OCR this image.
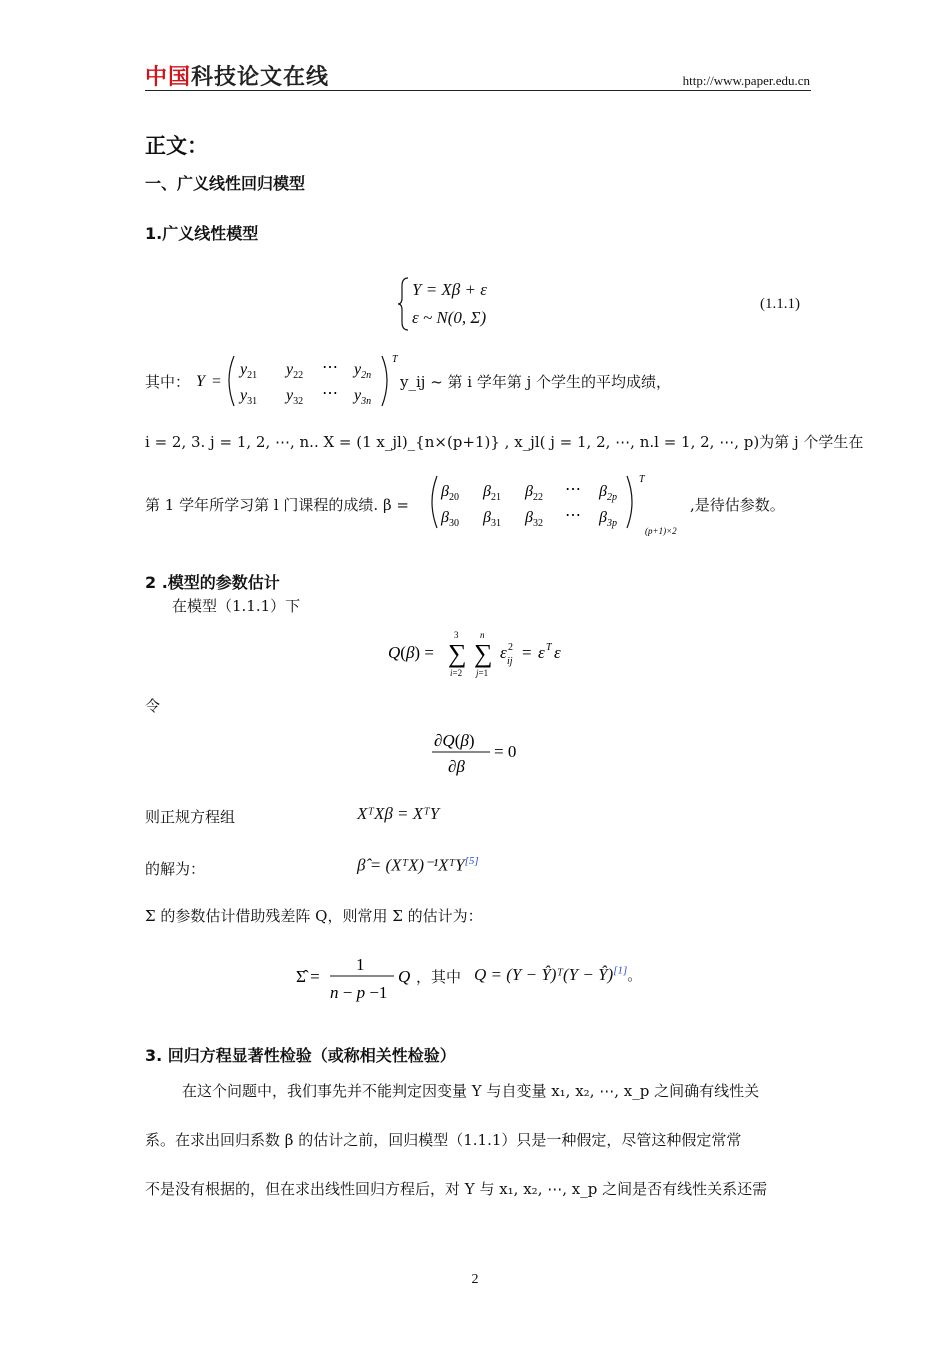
中国科技论文在线	http://www.paper.edu.cn
正文：
一、广义线性回归模型
1.广义线性模型
Y = Xβ + ε
ε ~ N(0, Σ)
(1.1.1)
其中： Y =
$y_{21}$ $y_{22}$ ⋯ $y_{2n}$
$y_{31}$ $y_{32}$ ⋯ $y_{3n}$
T
y_ij ~ 第 i 学年第 j 个学生的平均成绩，
i = 2, 3. j = 1, 2, ⋯, n.. X = (1 x_jl)_{n×(p+1)} , x_jl( j = 1, 2, ⋯, n.l = 1, 2, ⋯, p)为第 j 个学生在
第 1 学年所学习第 l 门课程的成绩. β =
$\beta_{20}$ $\beta_{21}$ $\beta_{22}$ ⋯ $\beta_{2p}$
$\beta_{30}$ $\beta_{31}$ $\beta_{32}$ ⋯ $\beta_{3p}$
T
(p+1)×2
,是待估参数。
2 .模型的参数估计
在模型（1.1.1）下
Q(β) = ∑
3
i=2
∑
n
j=1
ε 2
ij = ε T ε
令
∂Q(β)
∂β
= 0
则正规方程组	XᵀXβ = XᵀY
的解为：	β̂ = (XᵀX)⁻¹XᵀY[5]
Σ 的参数估计借助残差阵 Q，则常用 Σ 的估计为：
Σ̂ =
1
n − p −1
Q ，其中 Q = (Y − Ŷ)ᵀ(Y − Ŷ)[1]。
3. 回归方程显著性检验（或称相关性检验）
在这个问题中，我们事先并不能判定因变量 Y 与自变量 x₁, x₂, ⋯, x_p 之间确有线性关
系。在求出回归系数 β 的估计之前，回归模型（1.1.1）只是一种假定，尽管这种假定常常
不是没有根据的，但在求出线性回归方程后，对 Y 与 x₁, x₂, ⋯, x_p 之间是否有线性关系还需
2
